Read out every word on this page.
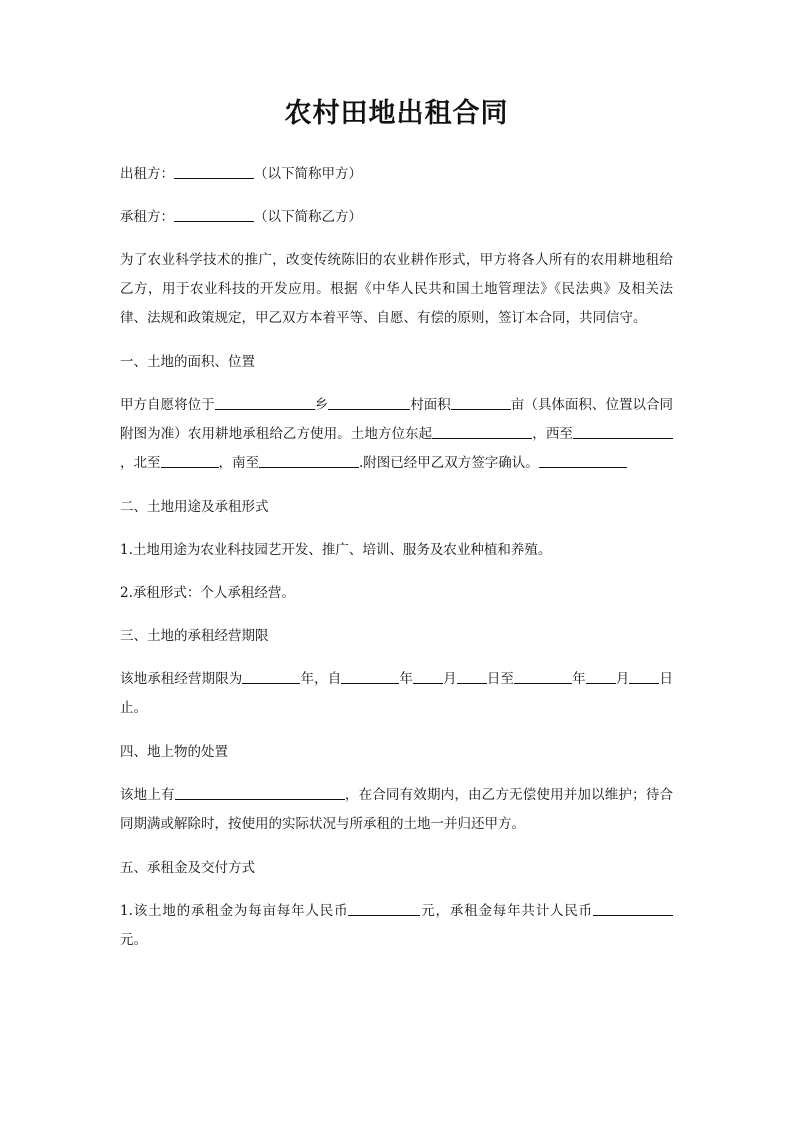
农村田地出租合同

出租方：	（以下简称甲方）

承租方：	（以下简称乙方）

为了农业科学技术的推广，改变传统陈旧的农业耕作形式，甲方将各人所有的农用耕地租给乙方，用于农业科技的开发应用。根据《中华人民共和国土地管理法》《民法典》及相关法律、法规和政策规定，甲乙双方本着平等、自愿、有偿的原则，签订本合同，共同信守。

一、土地的面积、位置

甲方自愿将位于	乡	村面积	亩（具体面积、位置以合同附图为准）农用耕地承租给乙方使用。土地方位东起	，西至，北至	，南至	.附图已经甲乙双方签字确认。

二、土地用途及承租形式

1.土地用途为农业科技园艺开发、推广、培训、服务及农业种植和养殖。

2.承租形式：个人承租经营。

三、土地的承租经营期限

该地承租经营期限为	年，自	年 月 日至	年 月 日止。

四、地上物的处置

该地上有	，在合同有效期内，由乙方无偿使用并加以维护；待合同期满或解除时，按使用的实际状况与所承租的土地一并归还甲方。

五、承租金及交付方式

1.该土地的承租金为每亩每年人民币	元，承租金每年共计人民币元。
